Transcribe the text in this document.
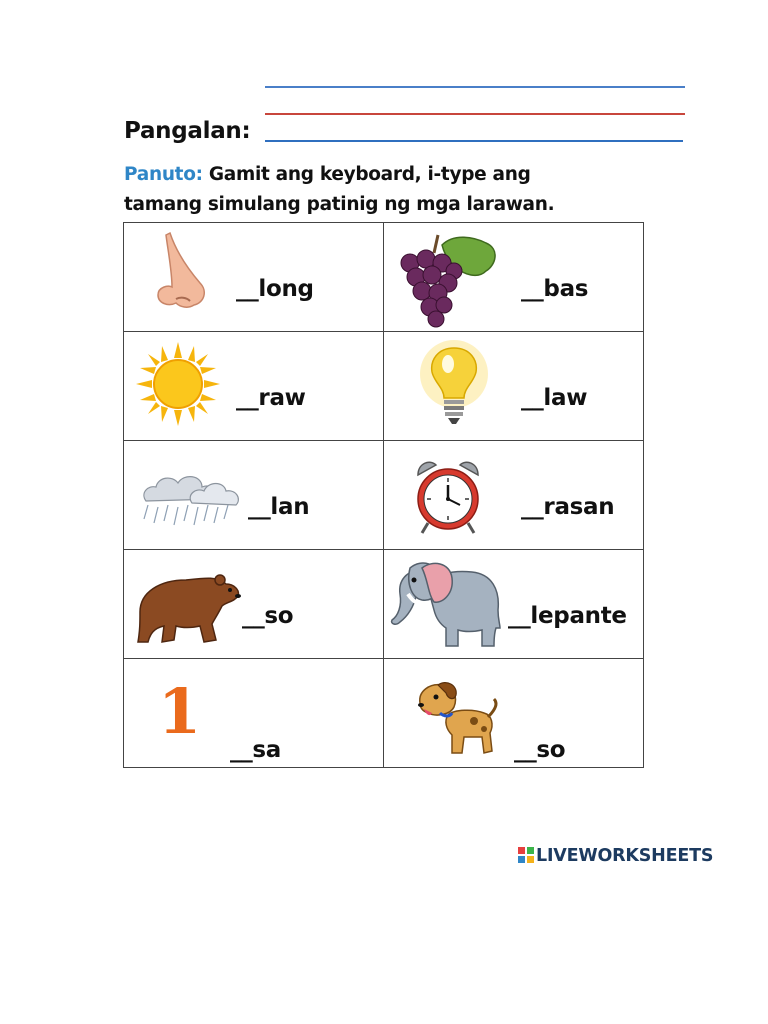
Pangalan:
Panuto: Gamit ang keyboard, i-type ang tamang simulang patinig ng mga larawan.
__long	__bas

__raw	__law

__lan	__rasan

__so	__lepante

1
__sa	__so
LIVEWORKSHEETS
